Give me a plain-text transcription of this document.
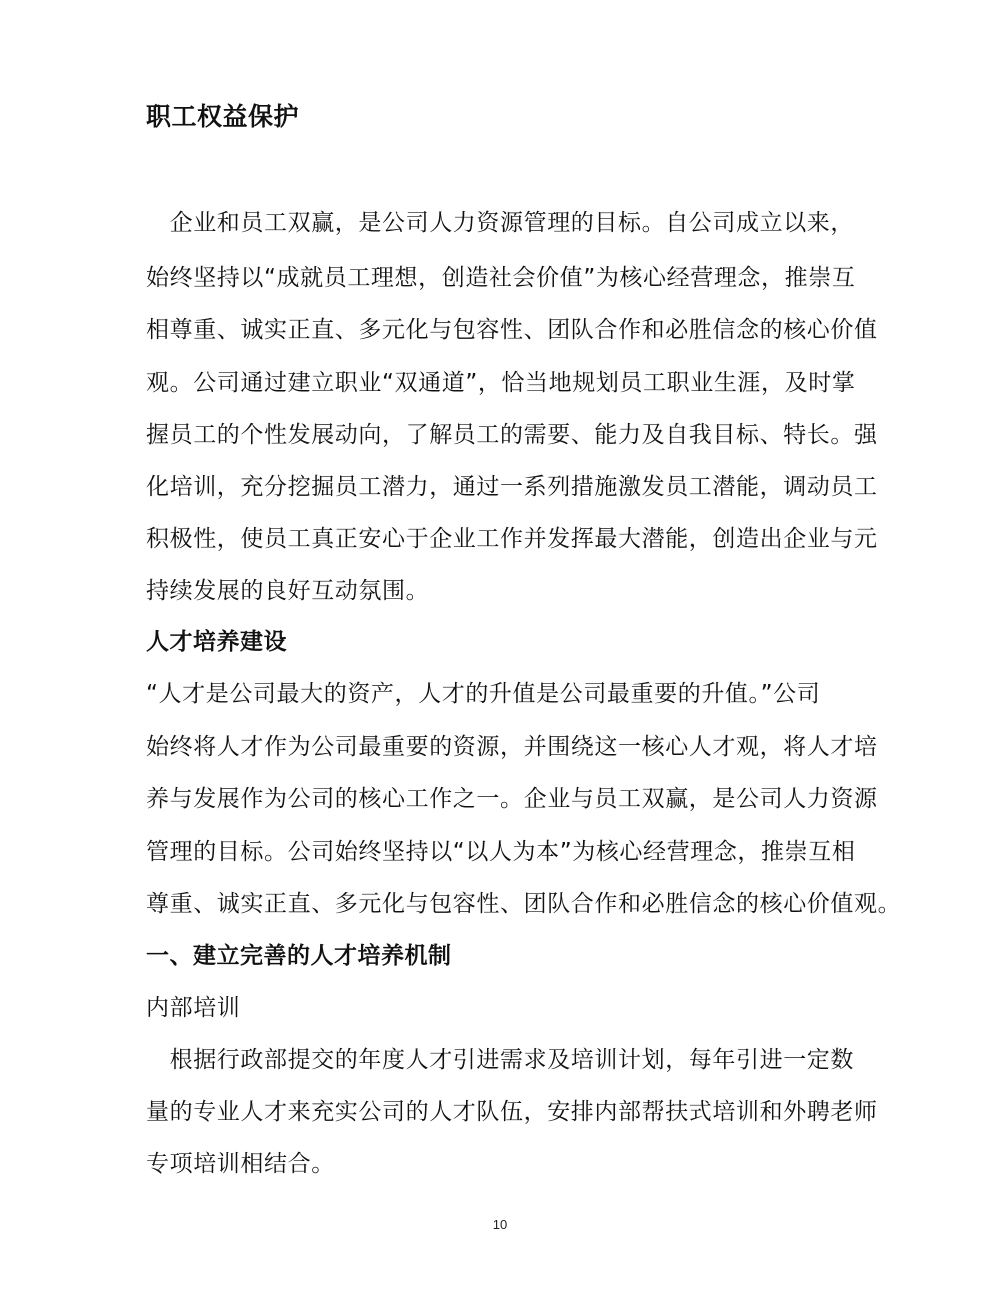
职工权益保护
　企业和员工双赢，是公司人力资源管理的目标。自公司成立以来，
始终坚持以“成就员工理想，创造社会价值”为核心经营理念，推崇互
相尊重、诚实正直、多元化与包容性、团队合作和必胜信念的核心价值
观。公司通过建立职业“双通道”，恰当地规划员工职业生涯，及时掌
握员工的个性发展动向，了解员工的需要、能力及自我目标、特长。强
化培训，充分挖掘员工潜力，通过一系列措施激发员工潜能，调动员工
积极性，使员工真正安心于企业工作并发挥最大潜能，创造出企业与元
持续发展的良好互动氛围。
人才培养建设
“人才是公司最大的资产，人才的升值是公司最重要的升值。”公司
始终将人才作为公司最重要的资源，并围绕这一核心人才观，将人才培
养与发展作为公司的核心工作之一。企业与员工双赢，是公司人力资源
管理的目标。公司始终坚持以“以人为本”为核心经营理念，推崇互相
尊重、诚实正直、多元化与包容性、团队合作和必胜信念的核心价值观。
一、建立完善的人才培养机制
内部培训
　根据行政部提交的年度人才引进需求及培训计划，每年引进一定数
量的专业人才来充实公司的人才队伍，安排内部帮扶式培训和外聘老师
专项培训相结合。
10
